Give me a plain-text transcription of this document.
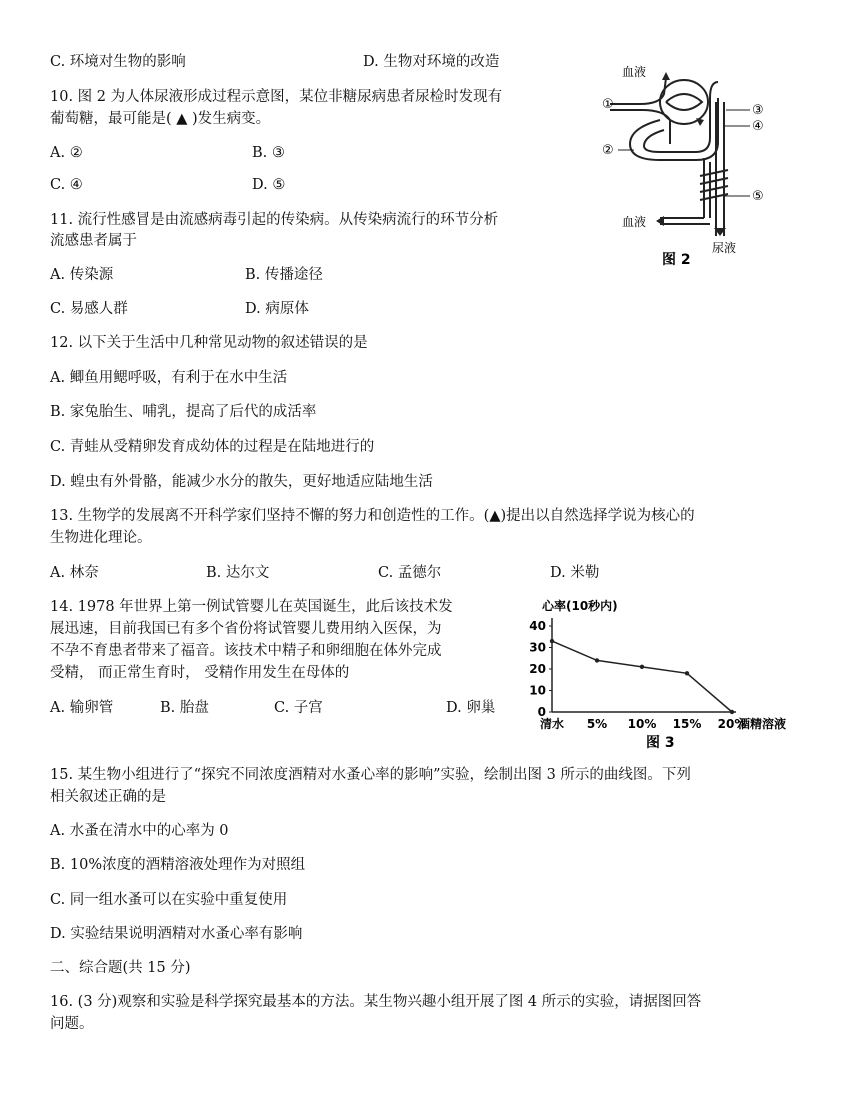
C. 环境对生物的影响	D. 生物对环境的改造
10. 图 2 为人体尿液形成过程示意图，某位非糖尿病患者尿检时发现有
葡萄糖，最可能是( ▲ )发生病变。
A. ②	B. ③
C. ④	D. ⑤
血液
①
②
③
④
⑤
血液
尿液
图 2
11. 流行性感冒是由流感病毒引起的传染病。从传染病流行的环节分析
流感患者属于
A. 传染源	B. 传播途径
C. 易感人群	D. 病原体
12. 以下关于生活中几种常见动物的叙述错误的是
A. 鲫鱼用鳃呼吸，有利于在水中生活
B. 家兔胎生、哺乳，提高了后代的成活率
C. 青蛙从受精卵发育成幼体的过程是在陆地进行的
D. 蝗虫有外骨骼，能减少水分的散失，更好地适应陆地生活
13. 生物学的发展离不开科学家们坚持不懈的努力和创造性的工作。(▲)提出以自然选择学说为核心的
生物进化理论。
A. 林奈	B. 达尔文	C. 孟德尔	D. 米勒
14. 1978 年世界上第一例试管婴儿在英国诞生，此后该技术发
展迅速，目前我国已有多个省份将试管婴儿费用纳入医保，为
不孕不育患者带来了福音。该技术中精子和卵细胞在体外完成
受精， 而正常生育时， 受精作用发生在母体的
A. 输卵管	B. 胎盘	C. 子宫	D. 卵巢
心率(10秒内)
酒精溶液
图 3
0
10
20
30
40
清水 5% 10% 15% 20%
15. 某生物小组进行了“探究不同浓度酒精对水蚤心率的影响”实验，绘制出图 3 所示的曲线图。下列
相关叙述正确的是
A. 水蚤在清水中的心率为 0
B. 10%浓度的酒精溶液处理作为对照组
C. 同一组水蚤可以在实验中重复使用
D. 实验结果说明酒精对水蚤心率有影响
二、综合题(共 15 分)
16. (3 分)观察和实验是科学探究最基本的方法。某生物兴趣小组开展了图 4 所示的实验，请据图回答
问题。
